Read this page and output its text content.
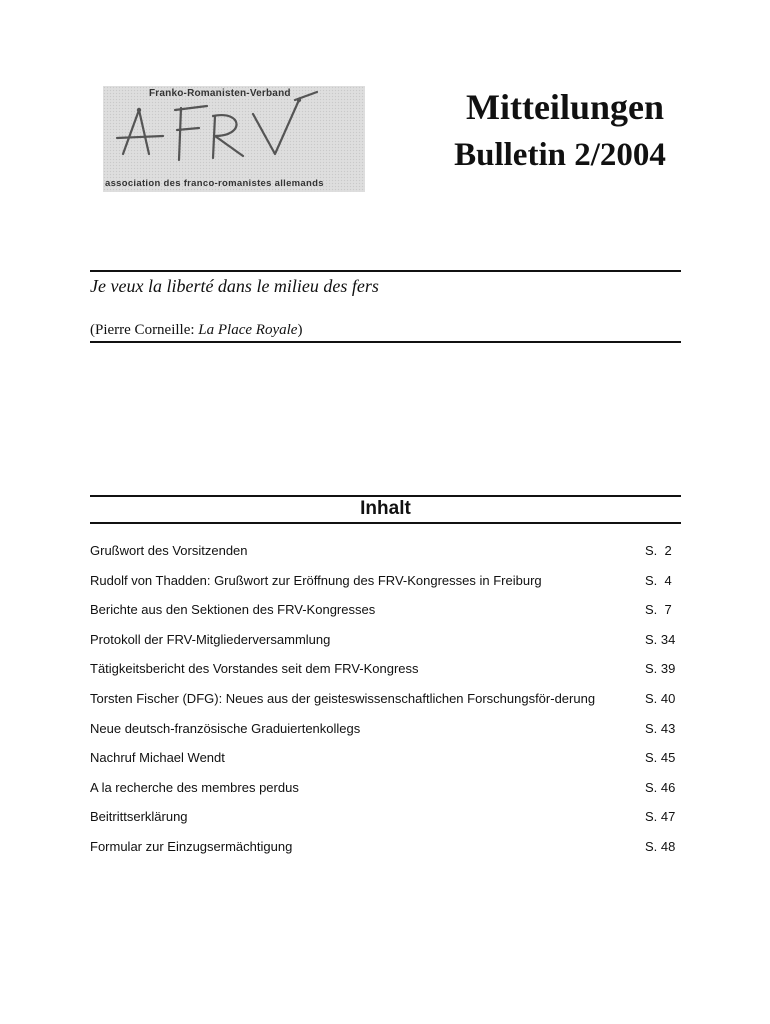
Franko-Romanisten-Verband
association des franco-romanistes allemands
Mitteilungen
Bulletin 2/2004
Je veux la liberté dans le milieu des fers
(Pierre Corneille: La Place Royale)
Inhalt
Grußwort des Vorsitzenden	S.  2
Rudolf von Thadden: Grußwort zur Eröffnung des FRV-Kongresses in Freiburg	S.  4
Berichte aus den Sektionen des FRV-Kongresses	S.  7
Protokoll der FRV-Mitgliederversammlung	S. 34
Tätigkeitsbericht des Vorstandes seit dem FRV-Kongress	S. 39
Torsten Fischer (DFG): Neues aus der geisteswissenschaftlichen Forschungsför-derung	S. 40
Neue deutsch-französische Graduiertenkollegs	S. 43
Nachruf Michael Wendt	S. 45
A la recherche des membres perdus	S. 46
Beitrittserklärung	S. 47
Formular zur Einzugsermächtigung	S. 48
